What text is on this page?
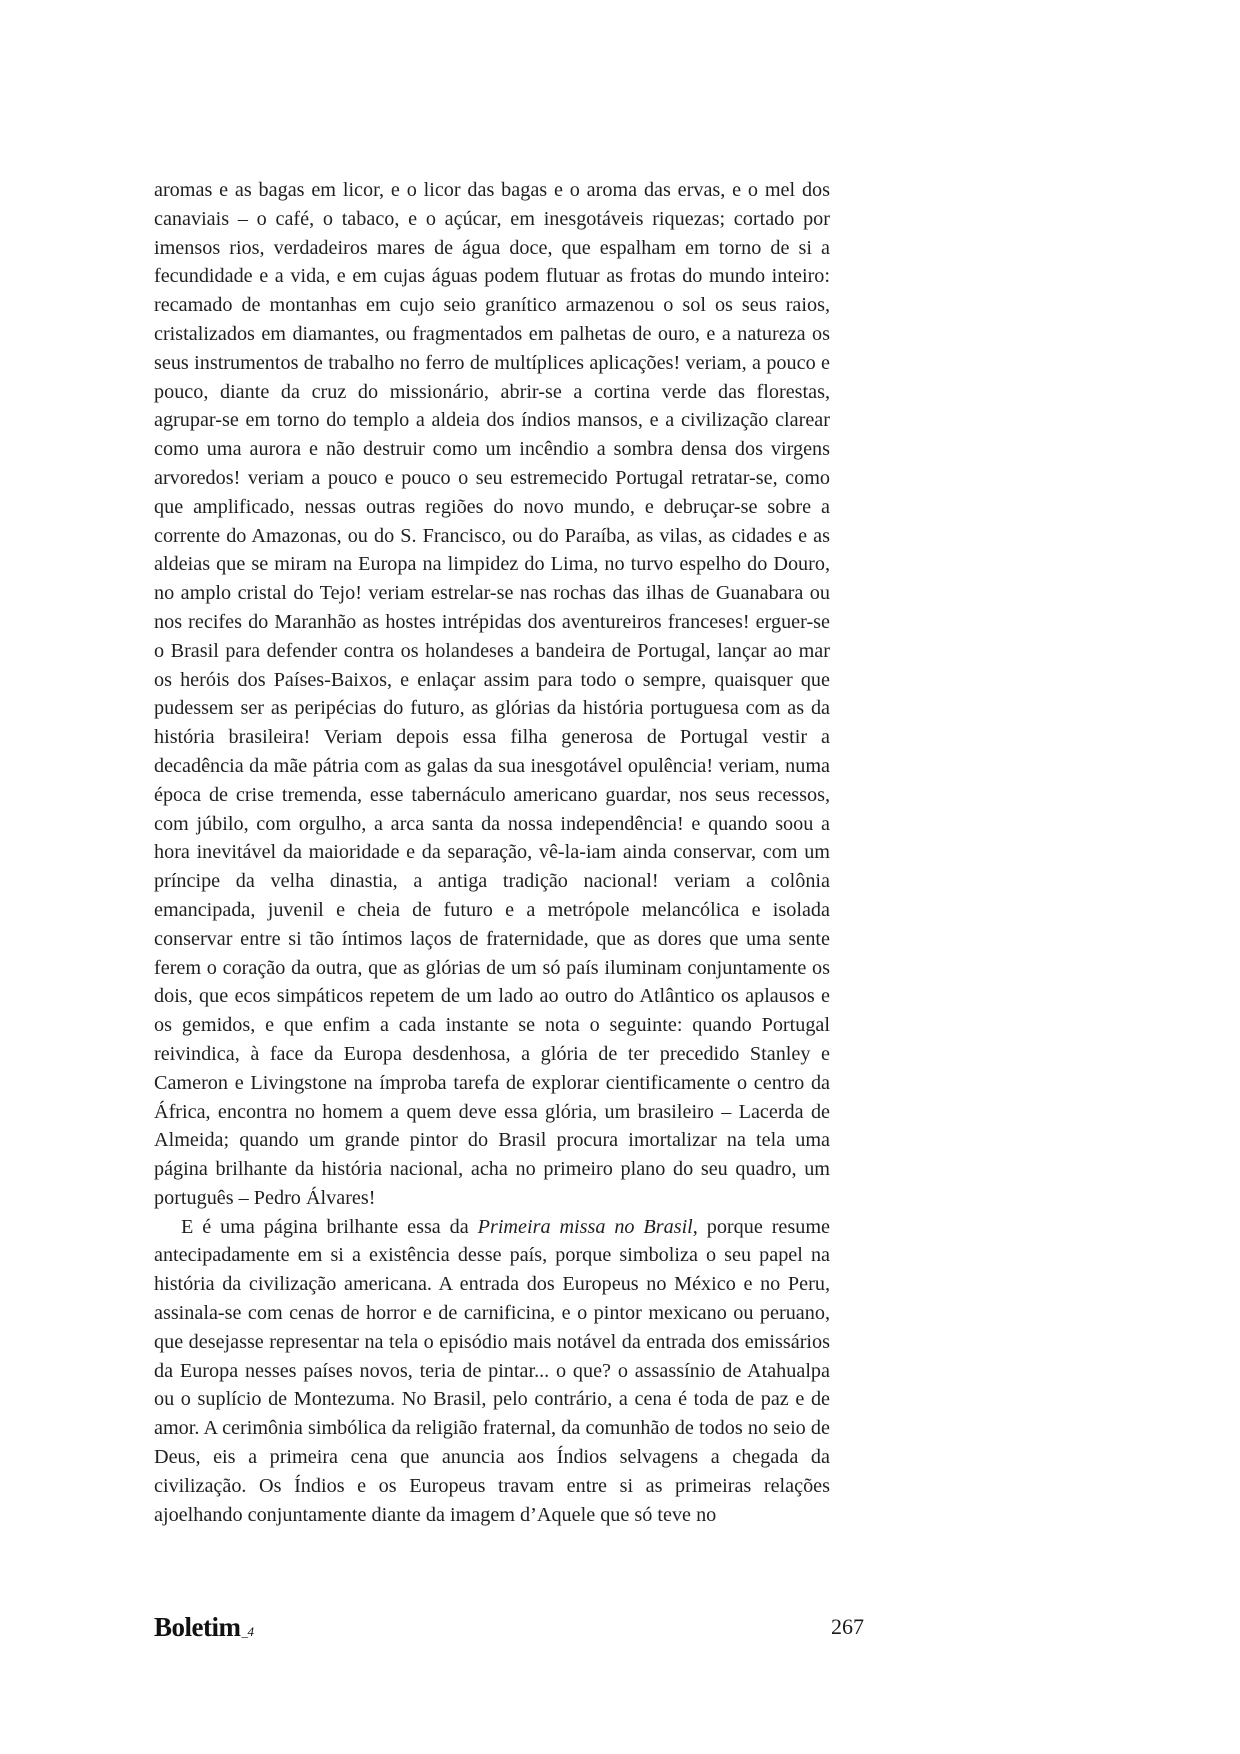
aromas e as bagas em licor, e o licor das bagas e o aroma das ervas, e o mel dos canaviais – o café, o tabaco, e o açúcar, em inesgotáveis riquezas; cortado por imensos rios, verdadeiros mares de água doce, que espalham em torno de si a fecundidade e a vida, e em cujas águas podem flutuar as frotas do mundo inteiro: recamado de montanhas em cujo seio granítico armazenou o sol os seus raios, cristalizados em diamantes, ou fragmentados em palhetas de ouro, e a natureza os seus instrumentos de trabalho no ferro de multíplices aplicações! veriam, a pouco e pouco, diante da cruz do missionário, abrir-se a cortina verde das florestas, agrupar-se em torno do templo a aldeia dos índios mansos, e a civilização clarear como uma aurora e não destruir como um incêndio a sombra densa dos virgens arvoredos! veriam a pouco e pouco o seu estremecido Portugal retratar-se, como que amplificado, nessas outras regiões do novo mundo, e debruçar-se sobre a corrente do Amazonas, ou do S. Francisco, ou do Paraíba, as vilas, as cidades e as aldeias que se miram na Europa na limpidez do Lima, no turvo espelho do Douro, no amplo cristal do Tejo! veriam estrelar-se nas rochas das ilhas de Guanabara ou nos recifes do Maranhão as hostes intrépidas dos aventureiros franceses! erguer-se o Brasil para defender contra os holandeses a bandeira de Portugal, lançar ao mar os heróis dos Países-Baixos, e enlaçar assim para todo o sempre, quaisquer que pudessem ser as peripécias do futuro, as glórias da história portuguesa com as da história brasileira! Veriam depois essa filha generosa de Portugal vestir a decadência da mãe pátria com as galas da sua inesgotável opulência! veriam, numa época de crise tremenda, esse tabernáculo americano guardar, nos seus recessos, com júbilo, com orgulho, a arca santa da nossa independência! e quando soou a hora inevitável da maioridade e da separação, vê-la-iam ainda conservar, com um príncipe da velha dinastia, a antiga tradição nacional! veriam a colônia emancipada, juvenil e cheia de futuro e a metrópole melancólica e isolada conservar entre si tão íntimos laços de fraternidade, que as dores que uma sente ferem o coração da outra, que as glórias de um só país iluminam conjuntamente os dois, que ecos simpáticos repetem de um lado ao outro do Atlântico os aplausos e os gemidos, e que enfim a cada instante se nota o seguinte: quando Portugal reivindica, à face da Europa desdenhosa, a glória de ter precedido Stanley e Cameron e Livingstone na ímproba tarefa de explorar cientificamente o centro da África, encontra no homem a quem deve essa glória, um brasileiro – Lacerda de Almeida; quando um grande pintor do Brasil procura imortalizar na tela uma página brilhante da história nacional, acha no primeiro plano do seu quadro, um português – Pedro Álvares!

E é uma página brilhante essa da Primeira missa no Brasil, porque resume antecipadamente em si a existência desse país, porque simboliza o seu papel na história da civilização americana. A entrada dos Europeus no México e no Peru, assinala-se com cenas de horror e de carnificina, e o pintor mexicano ou peruano, que desejasse representar na tela o episódio mais notável da entrada dos emissários da Europa nesses países novos, teria de pintar... o que? o assassínio de Atahualpa ou o suplício de Montezuma. No Brasil, pelo contrário, a cena é toda de paz e de amor. A cerimônia simbólica da religião fraternal, da comunhão de todos no seio de Deus, eis a primeira cena que anuncia aos Índios selvagens a chegada da civilização. Os Índios e os Europeus travam entre si as primeiras relações ajoelhando conjuntamente diante da imagem d’Aquele que só teve no

Boletim_4	267
